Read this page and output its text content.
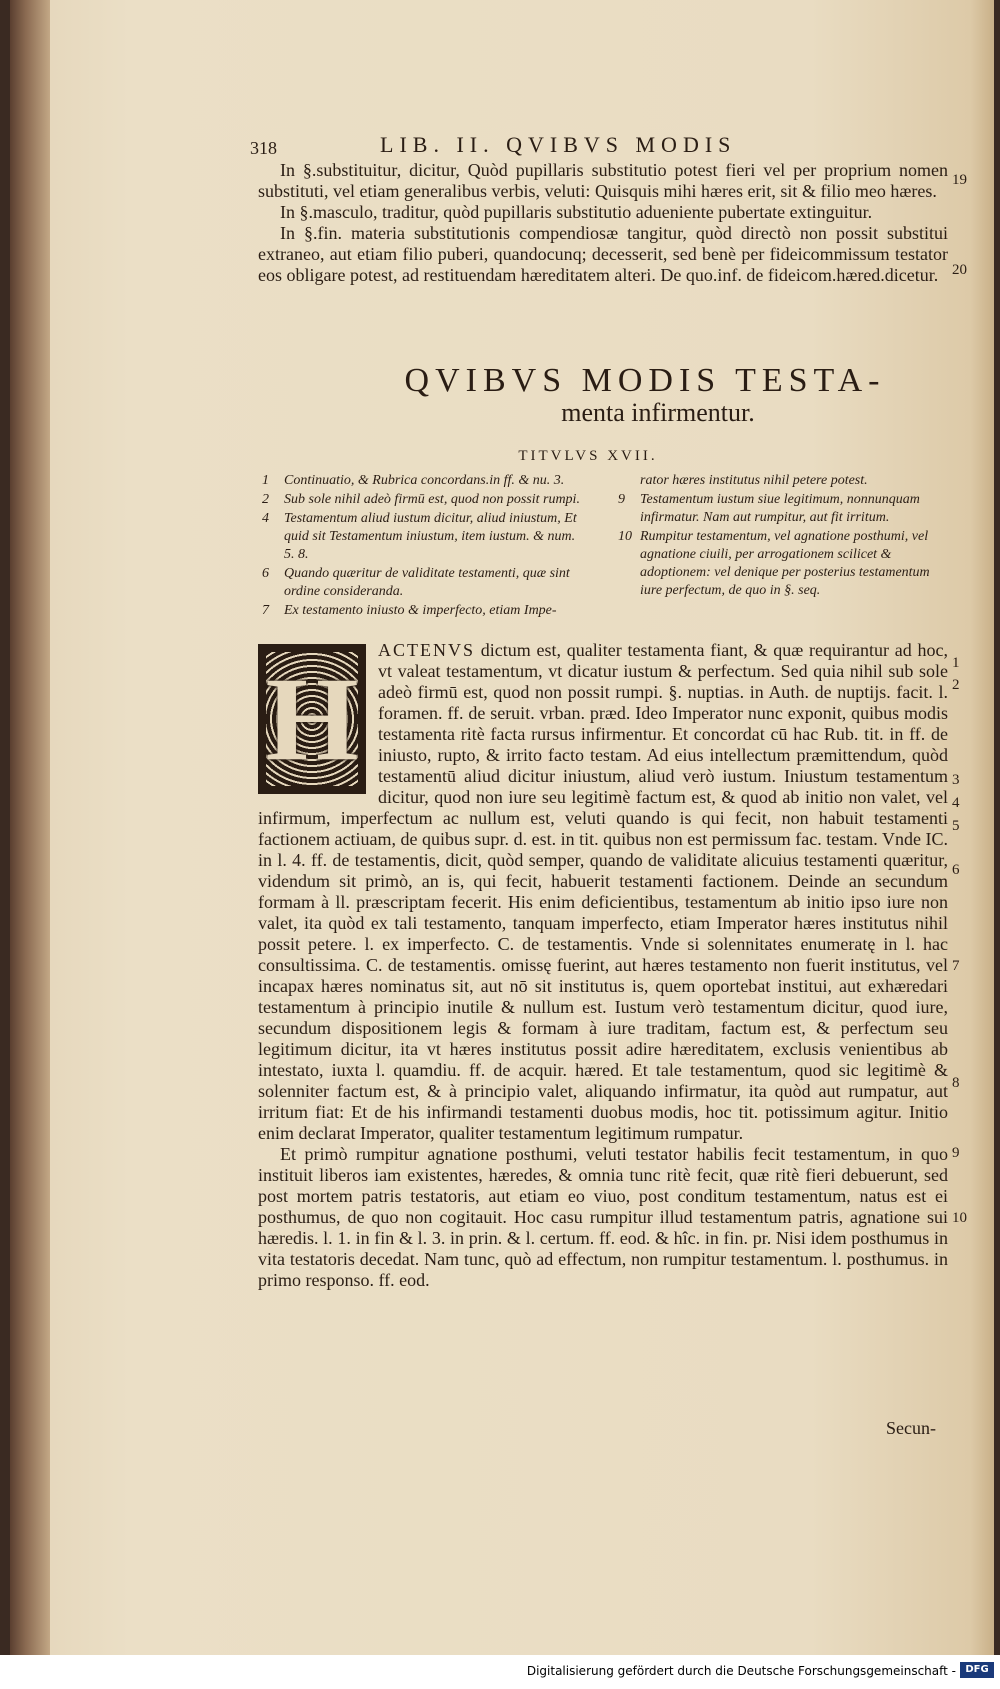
318	LIB. II. QVIBVS MODIS

In §.substituitur, dicitur, Quòd pupillaris substitutio potest fieri vel per proprium nomen substituti, vel etiam generalibus verbis, veluti: Quisquis mihi hæres erit, sit & filio meo hæres.

In §.masculo, traditur, quòd pupillaris substitutio adueniente pubertate extinguitur.

In §.fin. materia substitutionis compendiosæ tangitur, quòd directò non possit substitui extraneo, aut etiam filio puberi, quandocunq; decesserit, sed benè per fideicommissum testator eos obligare potest, ad restituendam hæreditatem alteri. De quo.inf. de fideicom.hæred.dicetur.

QVIBVS MODIS TESTA-
menta infirmentur.
TITVLVS XVII.
1 Continuatio, & Rubrica concordans.in ff. & nu. 3.
2 Sub sole nihil adeò firmū est, quod non possit rumpi.
4 Testamentum aliud iustum dicitur, aliud iniustum, Et quid sit Testamentum iniustum, item iustum. & num. 5. 8.
6 Quando quæritur de validitate testamenti, quæ sint ordine consideranda.
7 Ex testamento iniusto & imperfecto, etiam Impe-
rator hæres institutus nihil petere potest.
9 Testamentum iustum siue legitimum, nonnunquam infirmatur. Nam aut rumpitur, aut fit irritum.
10 Rumpitur testamentum, vel agnatione posthumi, vel agnatione ciuili, per arrogationem scilicet & adoptionem: vel denique per posterius testamentum iure perfectum, de quo in §. seq.
H

ACTENVS dictum est, qualiter testamenta fiant, & quæ requirantur ad hoc, vt valeat testamentum, vt dicatur iustum & perfectum. Sed quia nihil sub sole adeò firmū est, quod non possit rumpi. §. nuptias. in Auth. de nuptijs. facit. l. foramen. ff. de seruit. vrban. præd. Ideo Imperator nunc exponit, quibus modis testamenta ritè facta rursus infirmentur. Et concordat cū hac Rub. tit. in ff. de iniusto, rupto, & irrito facto testam. Ad eius intellectum præmittendum, quòd testamentū aliud dicitur iniustum, aliud verò iustum. Iniustum testamentum dicitur, quod non iure seu legitimè factum est, & quod ab initio non valet, vel infirmum, imperfectum ac nullum est, veluti quando is qui fecit, non habuit testamenti factionem actiuam, de quibus supr. d. est. in tit. quibus non est permissum fac. testam. Vnde IC. in l. 4. ff. de testamentis, dicit, quòd semper, quando de validitate alicuius testamenti quæritur, videndum sit primò, an is, qui fecit, habuerit testamenti factionem. Deinde an secundum formam à ll. præscriptam fecerit. His enim deficientibus, testamentum ab initio ipso iure non valet, ita quòd ex tali testamento, tanquam imperfecto, etiam Imperator hæres institutus nihil possit petere. l. ex imperfecto. C. de testamentis. Vnde si solennitates enumeratę in l. hac consultissima. C. de testamentis. omissę fuerint, aut hæres testamento non fuerit institutus, vel incapax hæres nominatus sit, aut nō sit institutus is, quem oportebat institui, aut exhæredari testamentum à principio inutile & nullum est. Iustum verò testamentum dicitur, quod iure, secundum dispositionem legis & formam à iure traditam, factum est, & perfectum seu legitimum dicitur, ita vt hæres institutus possit adire hæreditatem, exclusis venientibus ab intestato, iuxta l. quamdiu. ff. de acquir. hæred. Et tale testamentum, quod sic legitimè & solenniter factum est, & à principio valet, aliquando infirmatur, ita quòd aut rumpatur, aut irritum fiat: Et de his infirmandi testamenti duobus modis, hoc tit. potissimum agitur. Initio enim declarat Imperator, qualiter testamentum legitimum rumpatur.

Et primò rumpitur agnatione posthumi, veluti testator habilis fecit testamentum, in quo instituit liberos iam existentes, hæredes, & omnia tunc ritè fecit, quæ ritè fieri debuerunt, sed post mortem patris testatoris, aut etiam eo viuo, post conditum testamentum, natus est ei posthumus, de quo non cogitauit. Hoc casu rumpitur illud testamentum patris, agnatione sui hæredis. l. 1. in fin & l. 3. in prin. & l. certum. ff. eod. & hîc. in fin. pr. Nisi idem posthumus in vita testatoris decedat. Nam tunc, quò ad effectum, non rumpitur testamentum. l. posthumus. in primo responso. ff. eod.

19
20
1
2
3
4
5
6
7
8
9
10
Secun-
Digitalisierung gefördert durch die Deutsche Forschungsgemeinschaft - DFG
